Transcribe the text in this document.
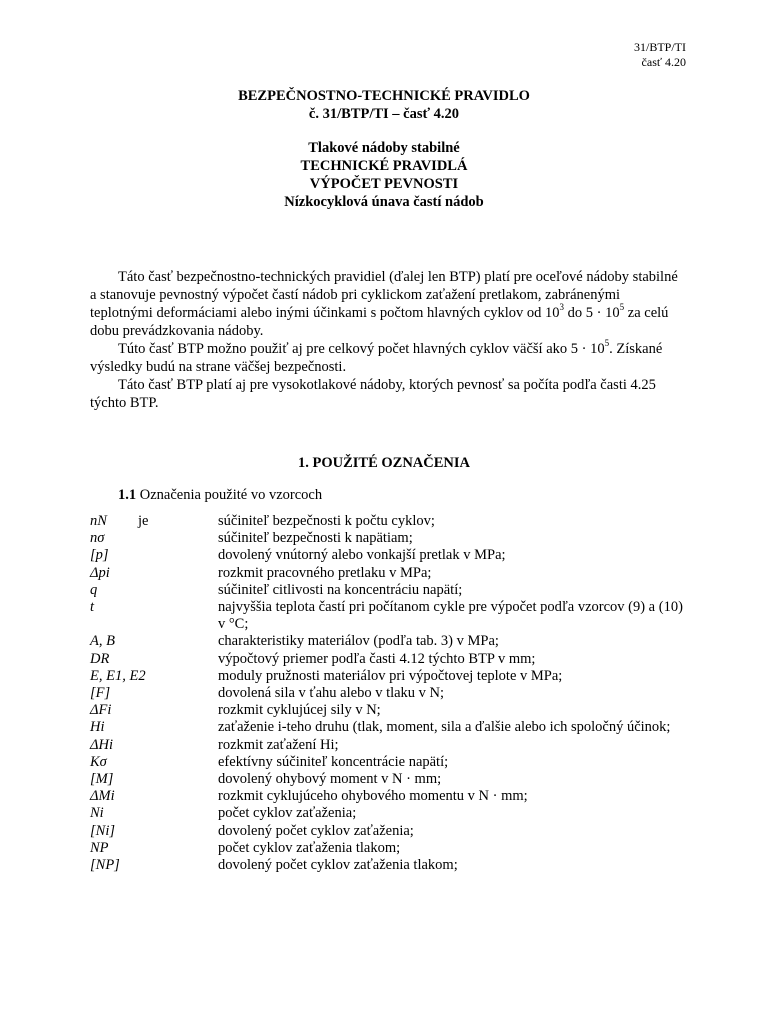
31/BTP/TI
časť 4.20
BEZPEČNOSTNO-TECHNICKÉ PRAVIDLO
č. 31/BTP/TI – časť 4.20
Tlakové nádoby stabilné
TECHNICKÉ PRAVIDLÁ
VÝPOČET PEVNOSTI
Nízkocyklová únava častí nádob

Táto časť bezpečnostno-technických pravidiel (ďalej len BTP) platí pre oceľové nádoby stabilné a stanovuje pevnostný výpočet častí nádob pri cyklickom zaťažení pretlakom, zabránenými teplotnými deformáciami alebo inými účinkami s počtom hlavných cyklov od $10^3$ do $5 \cdot 10^5$ za celú dobu prevádzkovania nádoby.

Túto časť BTP možno použiť aj pre celkový počet hlavných cyklov väčší ako $5 \cdot 10^5$. Získané výsledky budú na strane väčšej bezpečnosti.

Táto časť BTP platí aj pre vysokotlakové nádoby, ktorých pevnosť sa počíta podľa časti 4.25 týchto BTP.

1. POUŽITÉ OZNAČENIA
1.1 Označenia použité vo vzorcoch
nN je	súčiniteľ bezpečnosti k počtu cyklov;
nσ	súčiniteľ bezpečnosti k napätiam;
[p]	dovolený vnútorný alebo vonkajší pretlak v MPa;
Δpi	rozkmit pracovného pretlaku v MPa;
q	súčiniteľ citlivosti na koncentráciu napätí;
t	najvyššia teplota častí pri počítanom cykle pre výpočet podľa vzorcov (9) a (10) v °C;
A, B	charakteristiky materiálov (podľa tab. 3) v MPa;
DR	výpočtový priemer podľa časti 4.12 týchto BTP v mm;
E, E1, E2	moduly pružnosti materiálov pri výpočtovej teplote v MPa;
[F]	dovolená sila v ťahu alebo v tlaku v N;
ΔFi	rozkmit cyklujúcej sily v N;
Hi	zaťaženie i-teho druhu (tlak, moment, sila a ďalšie alebo ich spoločný účinok;
ΔHi	rozkmit zaťažení Hi;
Kσ	efektívny súčiniteľ koncentrácie napätí;
[M]	dovolený ohybový moment v N · mm;
ΔMi	rozkmit cyklujúceho ohybového momentu v N · mm;
Ni	počet cyklov zaťaženia;
[Ni]	dovolený počet cyklov zaťaženia;
NP	počet cyklov zaťaženia tlakom;
[NP]	dovolený počet cyklov zaťaženia tlakom;
